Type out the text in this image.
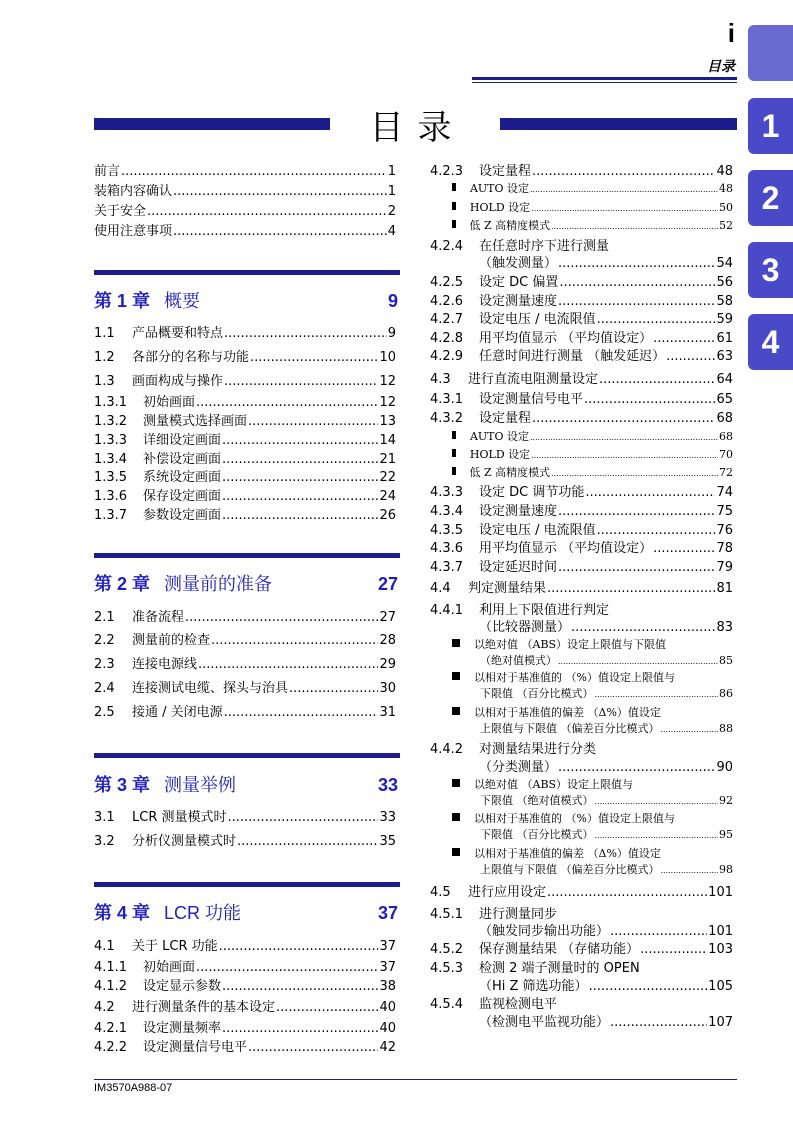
i
目录
目录	1
2
3
4
前言 .....	1
装箱内容确认 .....	1
关于安全 .....	2
使用注意事项 .....	4
第 1 章 概要	9
1.1	产品概要和特点 .....	9
1.2	各部分的名称与功能 .....	10
1.3	画面构成与操作 .....	12
1.3.1	初始画面 .....	12
1.3.2	测量模式选择画面 .....	13
1.3.3	详细设定画面 .....	14
1.3.4	补偿设定画面 .....	21
1.3.5	系统设定画面 .....	22
1.3.6	保存设定画面 .....	24
1.3.7	参数设定画面 .....	26
第 2 章 测量前的准备	27
2.1	准备流程 .....	27
2.2	测量前的检查 .....	28
2.3	连接电源线 .....	29
2.4	连接测试电缆、探头与治具 .....	30
2.5	接通 / 关闭电源 .....	31
第 3 章 测量举例	33
3.1	LCR 测量模式时 .....	33
3.2	分析仪测量模式时 .....	35
第 4 章 LCR 功能	37
4.1	关于 LCR 功能 .....	37
4.1.1	初始画面 .....	37
4.1.2	设定显示参数 .....	38
4.2	进行测量条件的基本设定 .....	40
4.2.1	设定测量频率 .....	40
4.2.2	设定测量信号电平 .....	42
4.2.3	设定量程 .....	48
AUTO 设定 .....	48
HOLD 设定 .....	50
低 Z 高精度模式 .....	52
4.2.4	在任意时序下进行测量
（触发测量） .....	54
4.2.5	设定 DC 偏置 .....	56
4.2.6	设定测量速度 .....	58
4.2.7	设定电压 / 电流限值 .....	59
4.2.8	用平均值显示 （平均值设定） .....	61
4.2.9	任意时间进行测量 （触发延迟） .....	63
4.3	进行直流电阻测量设定 .....	64
4.3.1	设定测量信号电平 .....	65
4.3.2	设定量程 .....	68
AUTO 设定 .....	68
HOLD 设定 .....	70
低 Z 高精度模式 .....	72
4.3.3	设定 DC 调节功能 .....	74
4.3.4	设定测量速度 .....	75
4.3.5	设定电压 / 电流限值 .....	76
4.3.6	用平均值显示 （平均值设定） .....	78
4.3.7	设定延迟时间 .....	79
4.4	判定测量结果 .....	81
4.4.1	利用上下限值进行判定
（比较器测量） .....	83
以绝对值 （ABS）设定上限值与下限值
（绝对值模式） .....	85
以相对于基准值的 （%）值设定上限值与
下限值 （百分比模式） .....	86
以相对于基准值的偏差 （Δ%）值设定
上限值与下限值 （偏差百分比模式） .....	88
4.4.2	对测量结果进行分类
（分类测量） .....	90
以绝对值 （ABS）设定上限值与
下限值 （绝对值模式） .....	92
以相对于基准值的 （%）值设定上限值与
下限值 （百分比模式） .....	95
以相对于基准值的偏差 （Δ%）值设定
上限值与下限值 （偏差百分比模式） .....	98
4.5	进行应用设定 .....	101
4.5.1	进行测量同步
（触发同步输出功能） .....	101
4.5.2	保存测量结果 （存储功能） .....	103
4.5.3	检测 2 端子测量时的 OPEN
（Hi Z 筛选功能） .....	105
4.5.4	监视检测电平
（检测电平监视功能） .....	107
IM3570A988-07
